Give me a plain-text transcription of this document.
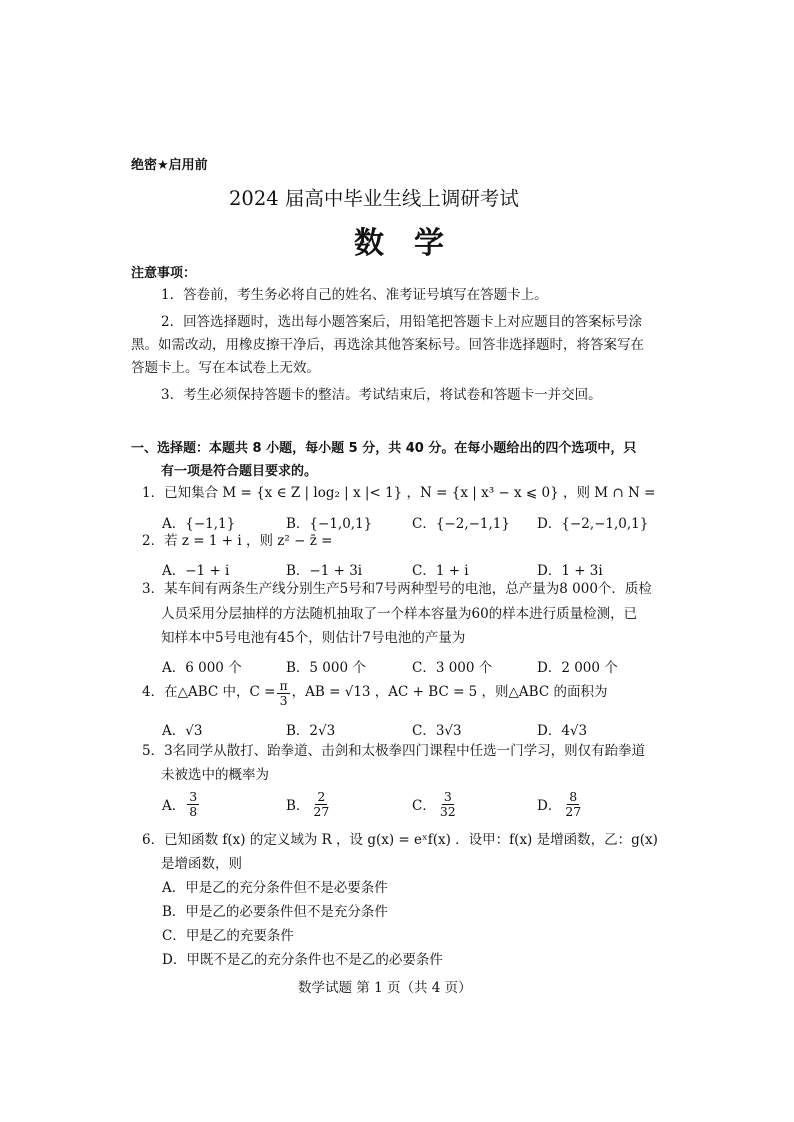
绝密★启用前
2024 届高中毕业生线上调研考试
数　学
注意事项：
1．答卷前，考生务必将自己的姓名、准考证号填写在答题卡上。
2．回答选择题时，选出每小题答案后，用铅笔把答题卡上对应题目的答案标号涂
黑。如需改动，用橡皮擦干净后，再选涂其他答案标号。回答非选择题时，将答案写在
答题卡上。写在本试卷上无效。
3．考生必须保持答题卡的整洁。考试结束后，将试卷和答题卡一并交回。
一、选择题：本题共 8 小题，每小题 5 分，共 40 分。在每小题给出的四个选项中，只
有一项是符合题目要求的。
1．已知集合 M = {x ∈ Z | log₂ | x |< 1} ，N = {x | x³ − x ⩽ 0} ，则 M ∩ N =
A．{−1,1}	B．{−1,0,1}	C．{−2,−1,1} D．{−2,−1,0,1}
2．若 z = 1 + i ，则 z² − z̄ =
A．−1 + i	B．−1 + 3i	C．1 + i	D．1 + 3i
3．某车间有两条生产线分别生产5号和7号两种型号的电池，总产量为8 000个．质检
人员采用分层抽样的方法随机抽取了一个样本容量为60的样本进行质量检测，已
知样本中5号电池有45个，则估计7号电池的产量为
A．6 000 个	B．5 000 个	C．3 000 个	D．2 000 个
4．在△ABC 中，$C = \frac{\pi}{3}$ ，AB = √13 ，AC + BC = 5 ，则△ABC 的面积为
A．√3	B．2√3	C．3√3	D．4√3
5．3名同学从散打、跆拳道、击剑和太极拳四门课程中任选一门学习，则仅有跆拳道
未被选中的概率为
A． $\frac{3}{8}$	B． $\frac{2}{27}$	C． $\frac{3}{32}$	D． $\frac{8}{27}$
6．已知函数 f(x) 的定义域为 R ，设 g(x) = eˣf(x) ．设甲：f(x) 是增函数，乙：g(x)
是增函数，则
A．甲是乙的充分条件但不是必要条件
B．甲是乙的必要条件但不是充分条件
C．甲是乙的充要条件
D．甲既不是乙的充分条件也不是乙的必要条件
数学试题 第 1 页（共 4 页）
